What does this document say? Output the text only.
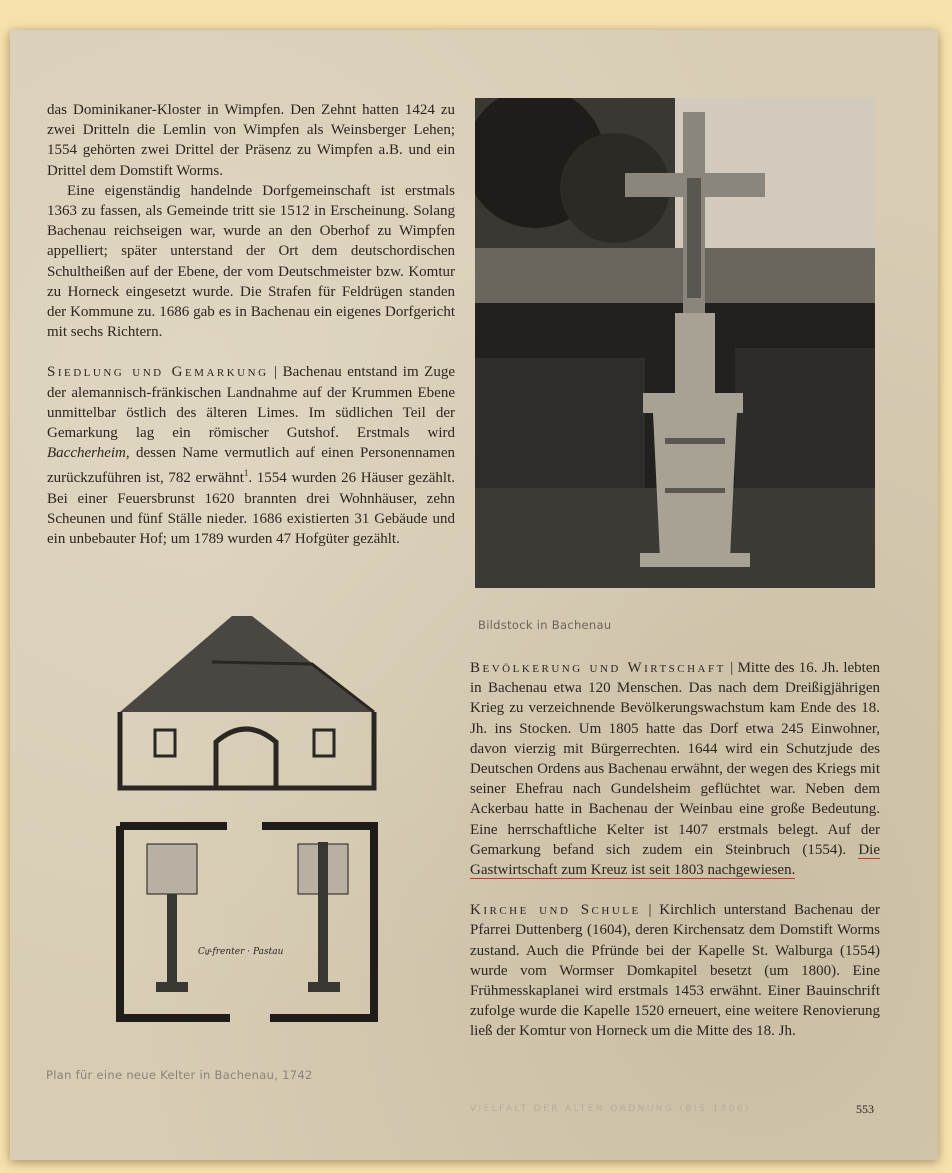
das Dominikaner-Kloster in Wimpfen. Den Zehnt hatten 1424 zu zwei Dritteln die Lemlin von Wimpfen als Weinsberger Lehen; 1554 gehörten zwei Drittel der Präsenz zu Wimpfen a.B. und ein Drittel dem Domstift Worms.

Eine eigenständig handelnde Dorfgemeinschaft ist erstmals 1363 zu fassen, als Gemeinde tritt sie 1512 in Erscheinung. Solang Bachenau reichseigen war, wurde an den Oberhof zu Wimpfen appelliert; später unterstand der Ort dem deutschordischen Schultheißen auf der Ebene, der vom Deutschmeister bzw. Komtur zu Horneck eingesetzt wurde. Die Strafen für Feldrügen standen der Kommune zu. 1686 gab es in Bachenau ein eigenes Dorfgericht mit sechs Richtern.

Siedlung und Gemarkung | Bachenau entstand im Zuge der alemannisch-fränkischen Landnahme auf der Krummen Ebene unmittelbar östlich des älteren Limes. Im südlichen Teil der Gemarkung lag ein römischer Gutshof. Erstmals wird Baccherheim, dessen Name vermutlich auf einen Personennamen zurückzuführen ist, 782 erwähnt$^1$. 1554 wurden 26 Häuser gezählt. Bei einer Feuersbrunst 1620 brannten drei Wohnhäuser, zehn Scheunen und fünf Ställe nieder. 1686 existierten 31 Gebäude und ein unbebauter Hof; um 1789 wurden 47 Hofgüter gezählt.

Bildstock in Bachenau
Cu̱ͦ-frenter · Pastau
Plan für eine neue Kelter in Bachenau, 1742

Bevölkerung und Wirtschaft | Mitte des 16. Jh. lebten in Bachenau etwa 120 Menschen. Das nach dem Dreißigjährigen Krieg zu verzeichnende Bevölkerungswachstum kam Ende des 18. Jh. ins Stocken. Um 1805 hatte das Dorf etwa 245 Einwohner, davon vierzig mit Bürgerrechten. 1644 wird ein Schutzjude des Deutschen Ordens aus Bachenau erwähnt, der wegen des Kriegs mit seiner Ehefrau nach Gundelsheim geflüchtet war. Neben dem Ackerbau hatte in Bachenau der Weinbau eine große Bedeutung. Eine herrschaftliche Kelter ist 1407 erstmals belegt. Auf der Gemarkung befand sich zudem ein Steinbruch (1554). Die Gastwirtschaft zum Kreuz ist seit 1803 nachgewiesen.

Kirche und Schule | Kirchlich unterstand Bachenau der Pfarrei Duttenberg (1604), deren Kirchensatz dem Domstift Worms zustand. Auch die Pfründe bei der Kapelle St. Walburga (1554) wurde vom Wormser Domkapitel besetzt (um 1800). Eine Frühmesskaplanei wird erstmals 1453 erwähnt. Einer Bauinschrift zufolge wurde die Kapelle 1520 erneuert, eine weitere Renovierung ließ der Komtur von Horneck um die Mitte des 18. Jh.

VIELFALT DER ALTEN ORDNUNG (BIS 1806)	553
